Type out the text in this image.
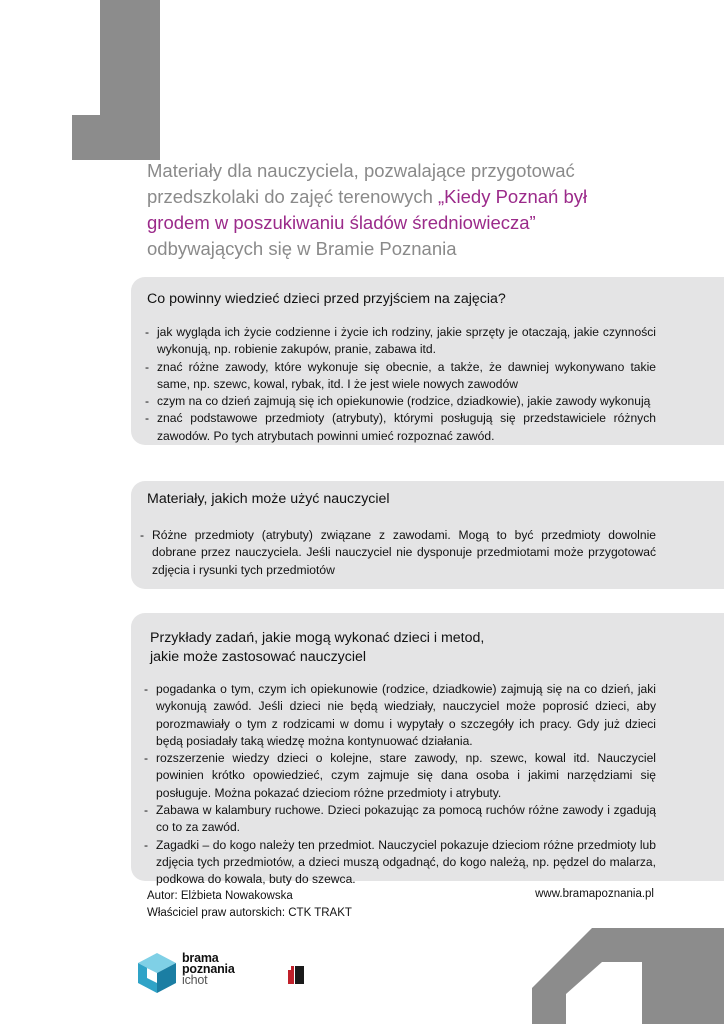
Materiały dla nauczyciela, pozwalające przygotować
przedszkolaki do zajęć terenowych „Kiedy Poznań był
grodem w poszukiwaniu śladów średniowiecza”
odbywających się w Bramie Poznania
Co powinny wiedzieć dzieci przed przyjściem na zajęcia?
- jak wygląda ich życie codzienne i życie ich rodziny, jakie sprzęty je otaczają, jakie czynności wykonują, np. robienie zakupów, pranie, zabawa itd.
- znać różne zawody, które wykonuje się obecnie, a także, że dawniej wykonywano takie same, np. szewc, kowal, rybak, itd. I że jest wiele nowych zawodów
- czym na co dzień zajmują się ich opiekunowie (rodzice, dziadkowie), jakie zawody wykonują
- znać podstawowe przedmioty (atrybuty), którymi posługują się przedstawiciele różnych zawodów. Po tych atrybutach powinni umieć rozpoznać zawód.
Materiały, jakich może użyć nauczyciel
- Różne przedmioty (atrybuty) związane z zawodami. Mogą to być przedmioty dowolnie dobrane przez nauczyciela. Jeśli nauczyciel nie dysponuje przedmiotami może przygotować zdjęcia i rysunki tych przedmiotów
Przykłady zadań, jakie mogą wykonać dzieci i metod,
jakie może zastosować nauczyciel
- pogadanka o tym, czym ich opiekunowie (rodzice, dziadkowie) zajmują się na co dzień, jaki wykonują zawód. Jeśli dzieci nie będą wiedziały, nauczyciel może poprosić dzieci, aby porozmawiały o tym z rodzicami w domu i wypytały o szczegóły ich pracy. Gdy już dzieci będą posiadały taką wiedzę można kontynuować działania.
- rozszerzenie wiedzy dzieci o kolejne, stare zawody, np. szewc, kowal itd. Nauczyciel powinien krótko opowiedzieć, czym zajmuje się dana osoba i jakimi narzędziami się posługuje. Można pokazać dzieciom różne przedmioty i atrybuty.
- Zabawa w kalambury ruchowe. Dzieci pokazując za pomocą ruchów różne zawody i zgadują co to za zawód.
- Zagadki – do kogo należy ten przedmiot. Nauczyciel pokazuje dzieciom różne przedmioty lub zdjęcia tych przedmiotów, a dzieci muszą odgadnąć, do kogo należą, np. pędzel do malarza, podkowa do kowala, buty do szewca.
Autor: Elżbieta Nowakowska
Właściciel praw autorskich: CTK TRAKT
www.bramapoznania.pl
brama
poznania
ichot
